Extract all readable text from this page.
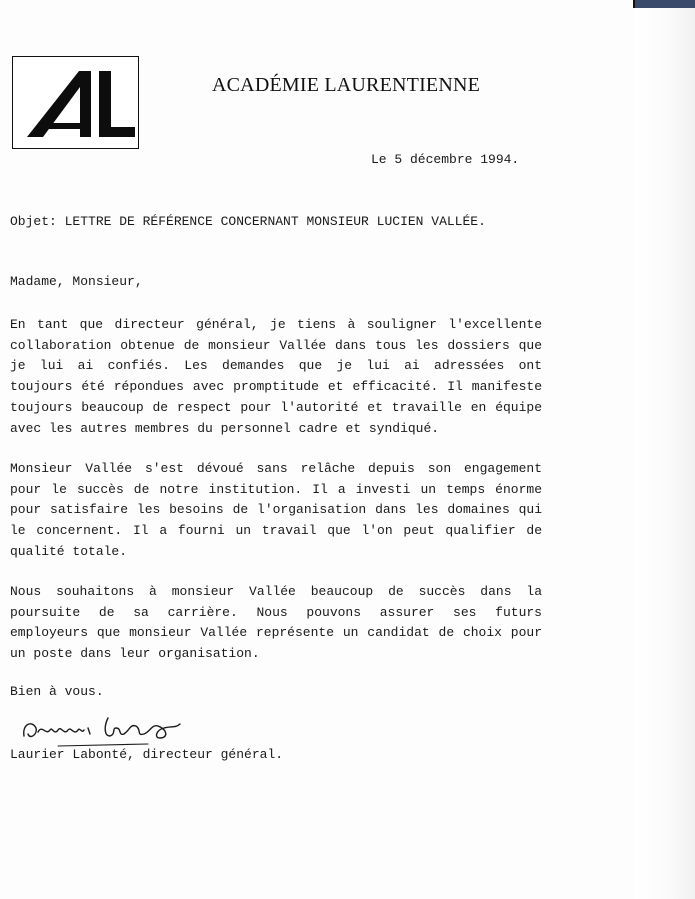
ACADÉMIE LAURENTIENNE
Le 5 décembre 1994.
Objet: LETTRE DE RÉFÉRENCE CONCERNANT MONSIEUR LUCIEN VALLÉE.
Madame, Monsieur,
En tant que directeur général, je tiens à souligner l'excellente
collaboration obtenue de monsieur Vallée dans tous les dossiers que
je lui ai confiés. Les demandes que je lui ai adressées ont
toujours été répondues avec promptitude et efficacité. Il manifeste
toujours beaucoup de respect pour l'autorité et travaille en équipe
avec les autres membres du personnel cadre et syndiqué.
Monsieur Vallée s'est dévoué sans relâche depuis son engagement
pour le succès de notre institution. Il a investi un temps énorme
pour satisfaire les besoins de l'organisation dans les domaines qui
le concernent. Il a fourni un travail que l'on peut qualifier de
qualité totale.
Nous souhaitons à monsieur Vallée beaucoup de succès dans la
poursuite de sa carrière. Nous pouvons assurer ses futurs
employeurs que monsieur Vallée représente un candidat de choix pour
un poste dans leur organisation.
Bien à vous.
Laurier Labonté, directeur général.
